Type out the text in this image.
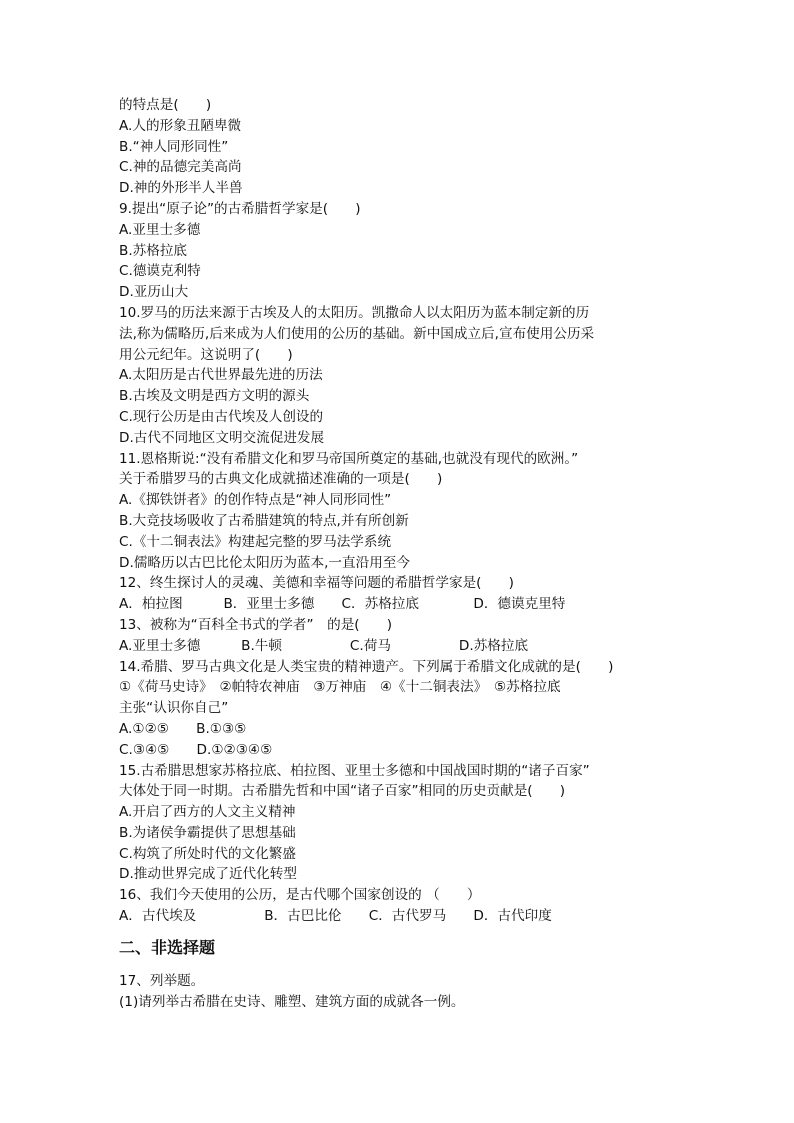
的特点是(　　)
A.人的形象丑陋卑微
B.“神人同形同性”
C.神的品德完美高尚
D.神的外形半人半兽
9.提出“原子论”的古希腊哲学家是(　　)
A.亚里士多德
B.苏格拉底
C.德谟克利特
D.亚历山大
10.罗马的历法来源于古埃及人的太阳历。凯撒命人以太阳历为蓝本制定新的历
法,称为儒略历,后来成为人们使用的公历的基础。新中国成立后,宣布使用公历采
用公元纪年。这说明了(　　)
A.太阳历是古代世界最先进的历法
B.古埃及文明是西方文明的源头
C.现行公历是由古代埃及人创设的
D.古代不同地区文明交流促进发展
11.恩格斯说:“没有希腊文化和罗马帝国所奠定的基础,也就没有现代的欧洲。”
关于希腊罗马的古典文化成就描述准确的一项是(　　)
A.《掷铁饼者》的创作特点是“神人同形同性”
B.大竞技场吸收了古希腊建筑的特点,并有所创新
C.《十二铜表法》构建起完整的罗马法学系统
D.儒略历以古巴比伦太阳历为蓝本,一直沿用至今
12、终生探讨人的灵魂、美德和幸福等问题的希腊哲学家是(　　)
A．柏拉图　　　B．亚里士多德　　C．苏格拉底　　　　D．德谟克里特
13、被称为“百科全书式的学者”　的是(　　)
A.亚里士多德　　　B.牛顿　　　　　C.荷马　　　　　D.苏格拉底
14.希腊、罗马古典文化是人类宝贵的精神遗产。下列属于希腊文化成就的是(　　)
①《荷马史诗》　②帕特农神庙　③万神庙　④《十二铜表法》　⑤苏格拉底
主张“认识你自己”
A.①②⑤　　B.①③⑤
C.③④⑤　　D.①②③④⑤
15.古希腊思想家苏格拉底、柏拉图、亚里士多德和中国战国时期的“诸子百家”
大体处于同一时期。古希腊先哲和中国“诸子百家”相同的历史贡献是(　　)
A.开启了西方的人文主义精神
B.为诸侯争霸提供了思想基础
C.构筑了所处时代的文化繁盛
D.推动世界完成了近代化转型
16、我们今天使用的公历，是古代哪个国家创设的 （　　）
A．古代埃及　　　　　B．古巴比伦　　C．古代罗马　　D．古代印度
二、非选择题
17、列举题。
(1)请列举古希腊在史诗、雕塑、建筑方面的成就各一例。
